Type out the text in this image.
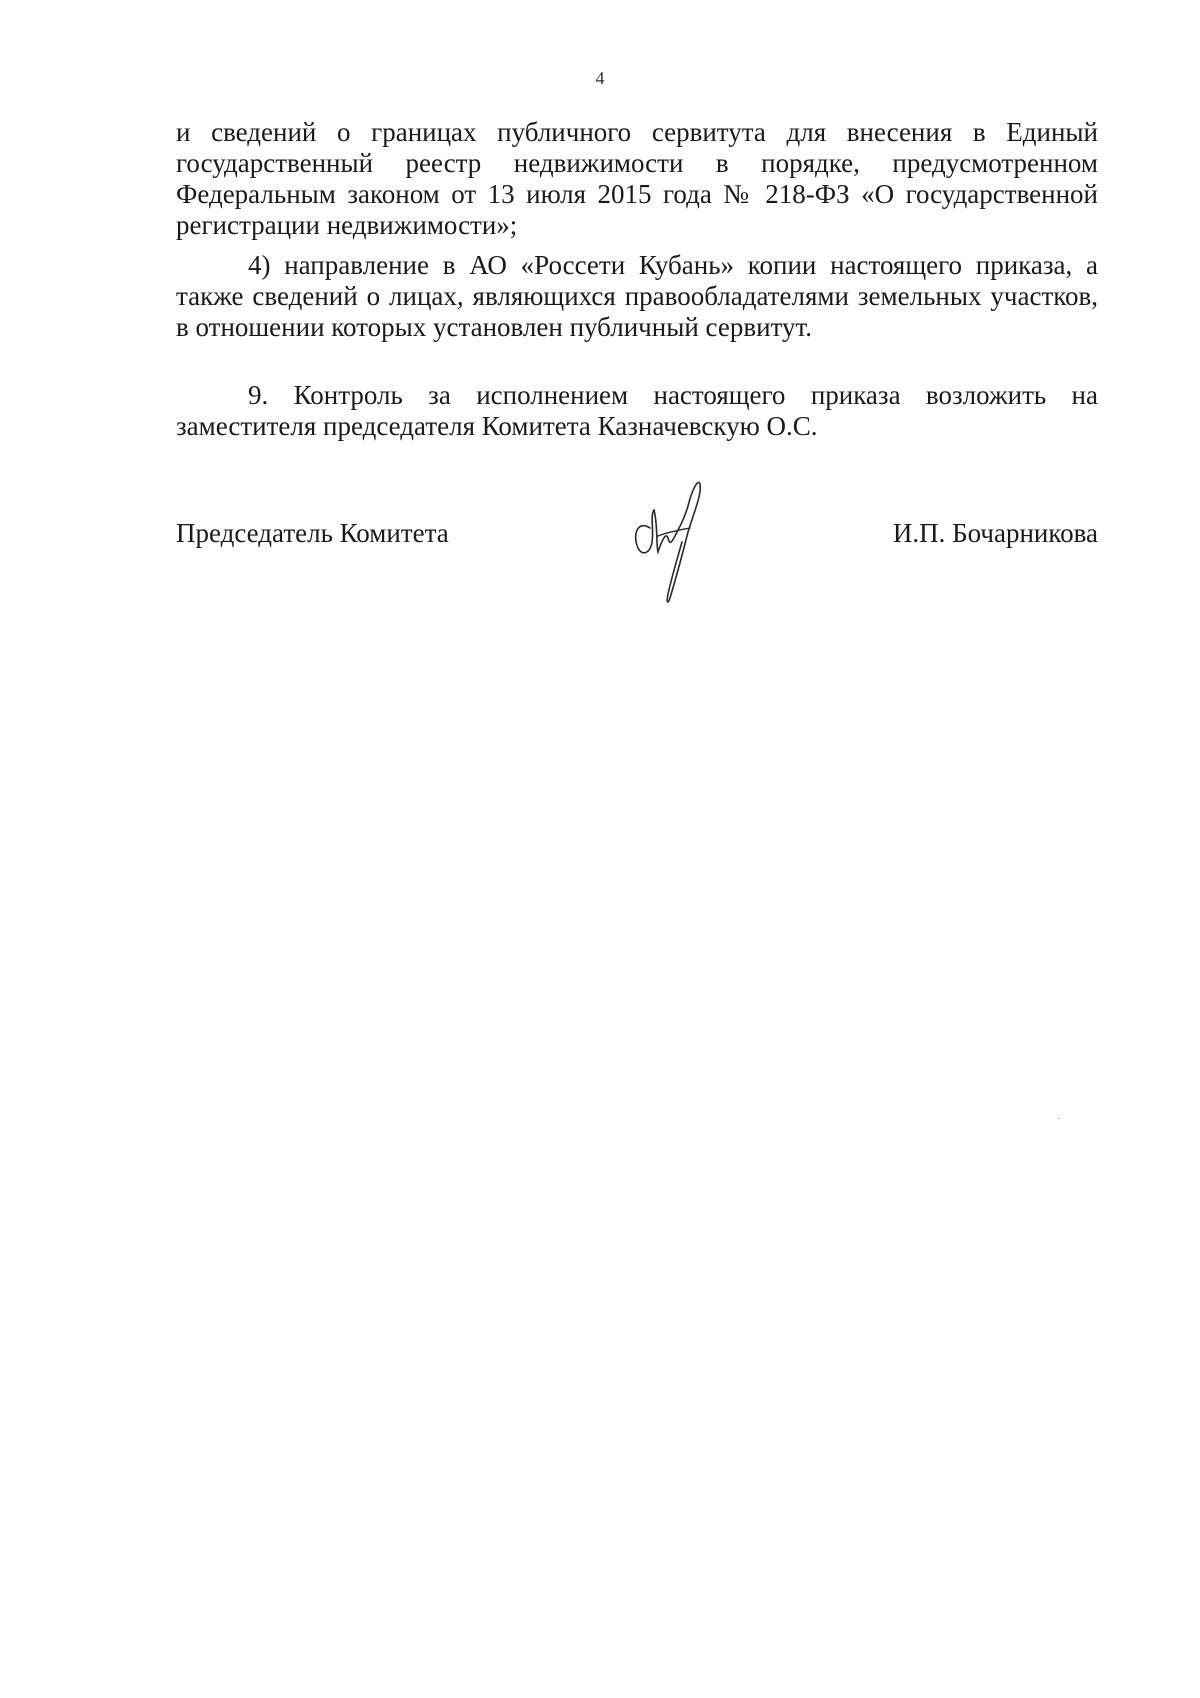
4

и сведений о границах публичного сервитута для внесения в Единый государственный реестр недвижимости в порядке, предусмотренном Федеральным законом от 13 июля 2015 года № 218-ФЗ «О государственной регистрации недвижимости»;

4) направление в АО «Россети Кубань» копии настоящего приказа, а также сведений о лицах, являющихся правообладателями земельных участков, в отношении которых установлен публичный сервитут.

9. Контроль за исполнением настоящего приказа возложить на заместителя председателя Комитета Казначевскую О.С.

Председатель Комитета	И.П. Бочарникова
